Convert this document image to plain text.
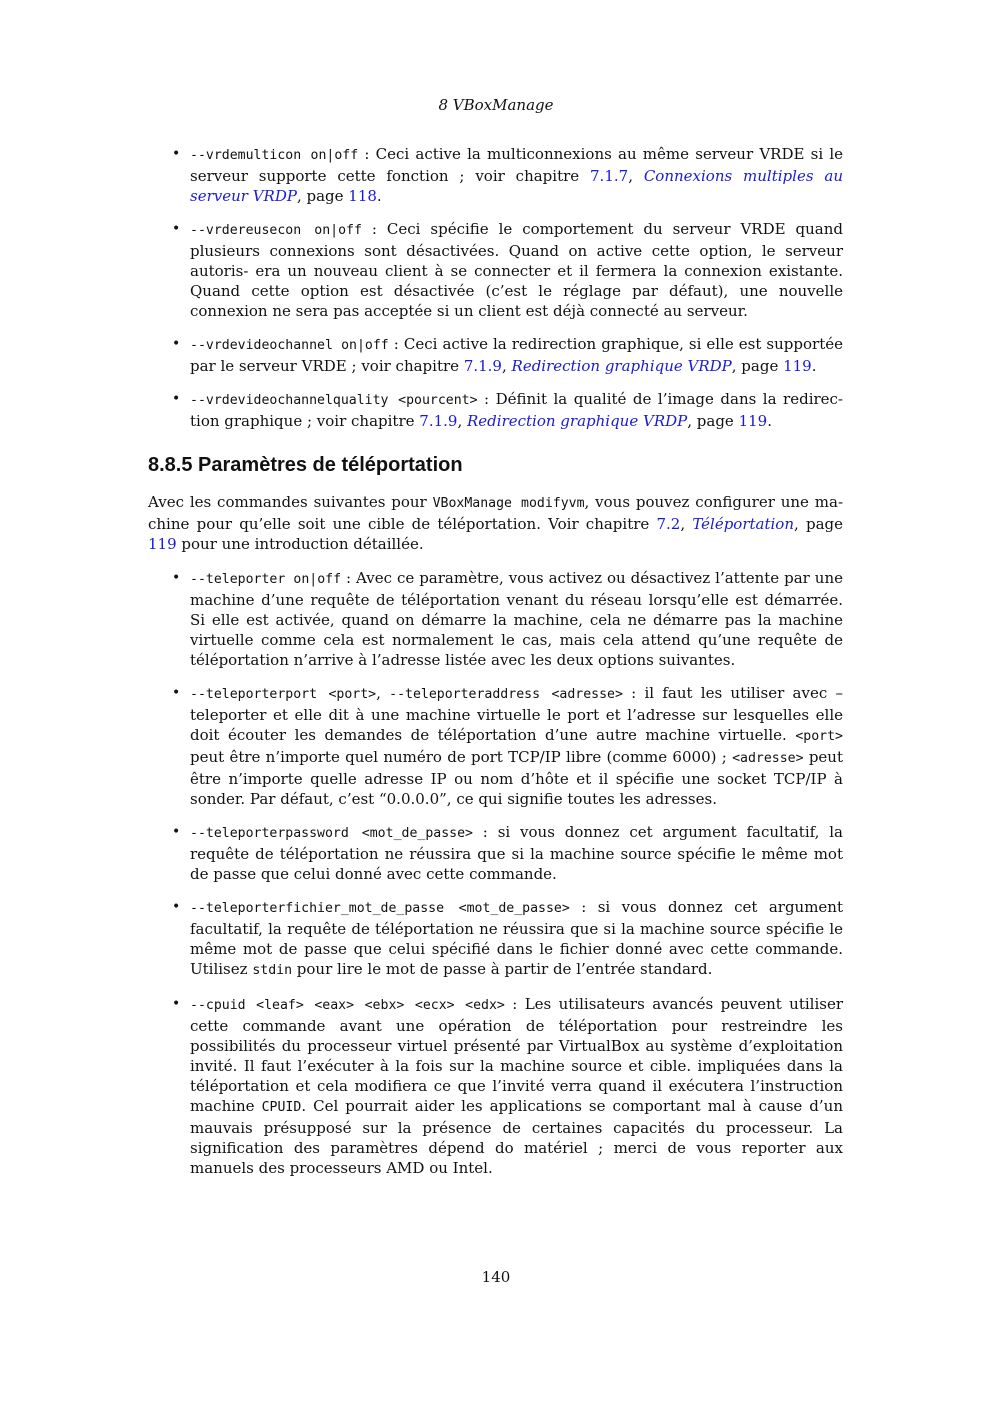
8 VBoxManage
• --vrdemulticon on|off : Ceci active la multiconnexions au même serveur VRDE si le serveur supporte cette fonction ; voir chapitre 7.1.7, Connexions multiples au serveur VRDP, page 118.
• --vrdereusecon on|off : Ceci spécifie le comportement du serveur VRDE quand plusieurs connexions sont désactivées. Quand on active cette option, le serveur autoris- era un nouveau client à se connecter et il fermera la connexion existante. Quand cette option est désactivée (c’est le réglage par défaut), une nouvelle connexion ne sera pas acceptée si un client est déjà connecté au serveur.
• --vrdevideochannel on|off : Ceci active la redirection graphique, si elle est supportée par le serveur VRDE ; voir chapitre 7.1.9, Redirection graphique VRDP, page 119.
• --vrdevideochannelquality <pourcent> : Définit la qualité de l’image dans la redirec- tion graphique ; voir chapitre 7.1.9, Redirection graphique VRDP, page 119.
8.8.5 Paramètres de téléportation

Avec les commandes suivantes pour VBoxManage modifyvm, vous pouvez configurer une ma- chine pour qu’elle soit une cible de téléportation. Voir chapitre 7.2, Téléportation, page 119 pour une introduction détaillée.

• --teleporter on|off : Avec ce paramètre, vous activez ou désactivez l’attente par une machine d’une requête de téléportation venant du réseau lorsqu’elle est démarrée. Si elle est activée, quand on démarre la machine, cela ne démarre pas la machine virtuelle comme cela est normalement le cas, mais cela attend qu’une requête de téléportation n’arrive à l’adresse listée avec les deux options suivantes.
• --teleporterport <port>, --teleporteraddress <adresse> : il faut les utiliser avec –teleporter et elle dit à une machine virtuelle le port et l’adresse sur lesquelles elle doit écouter les demandes de téléportation d’une autre machine virtuelle. <port> peut être n’importe quel numéro de port TCP/IP libre (comme 6000) ; <adresse> peut être n’importe quelle adresse IP ou nom d’hôte et il spécifie une socket TCP/IP à sonder. Par défaut, c’est “0.0.0.0”, ce qui signifie toutes les adresses.
• --teleporterpassword <mot_de_passe> : si vous donnez cet argument facultatif, la requête de téléportation ne réussira que si la machine source spécifie le même mot de passe que celui donné avec cette commande.
• --teleporterfichier_mot_de_passe <mot_de_passe> : si vous donnez cet argument facultatif, la requête de téléportation ne réussira que si la machine source spécifie le même mot de passe que celui spécifié dans le fichier donné avec cette commande. Utilisez stdin pour lire le mot de passe à partir de l’entrée standard.
• --cpuid <leaf> <eax> <ebx> <ecx> <edx> : Les utilisateurs avancés peuvent utiliser cette commande avant une opération de téléportation pour restreindre les possibilités du processeur virtuel présenté par VirtualBox au système d’exploitation invité. Il faut l’exécuter à la fois sur la machine source et cible. impliquées dans la téléportation et cela modifiera ce que l’invité verra quand il exécutera l’instruction machine CPUID. Cel pourrait aider les applications se comportant mal à cause d’un mauvais présupposé sur la présence de certaines capacités du processeur. La signification des paramètres dépend do matériel ; merci de vous reporter aux manuels des processeurs AMD ou Intel.
140
